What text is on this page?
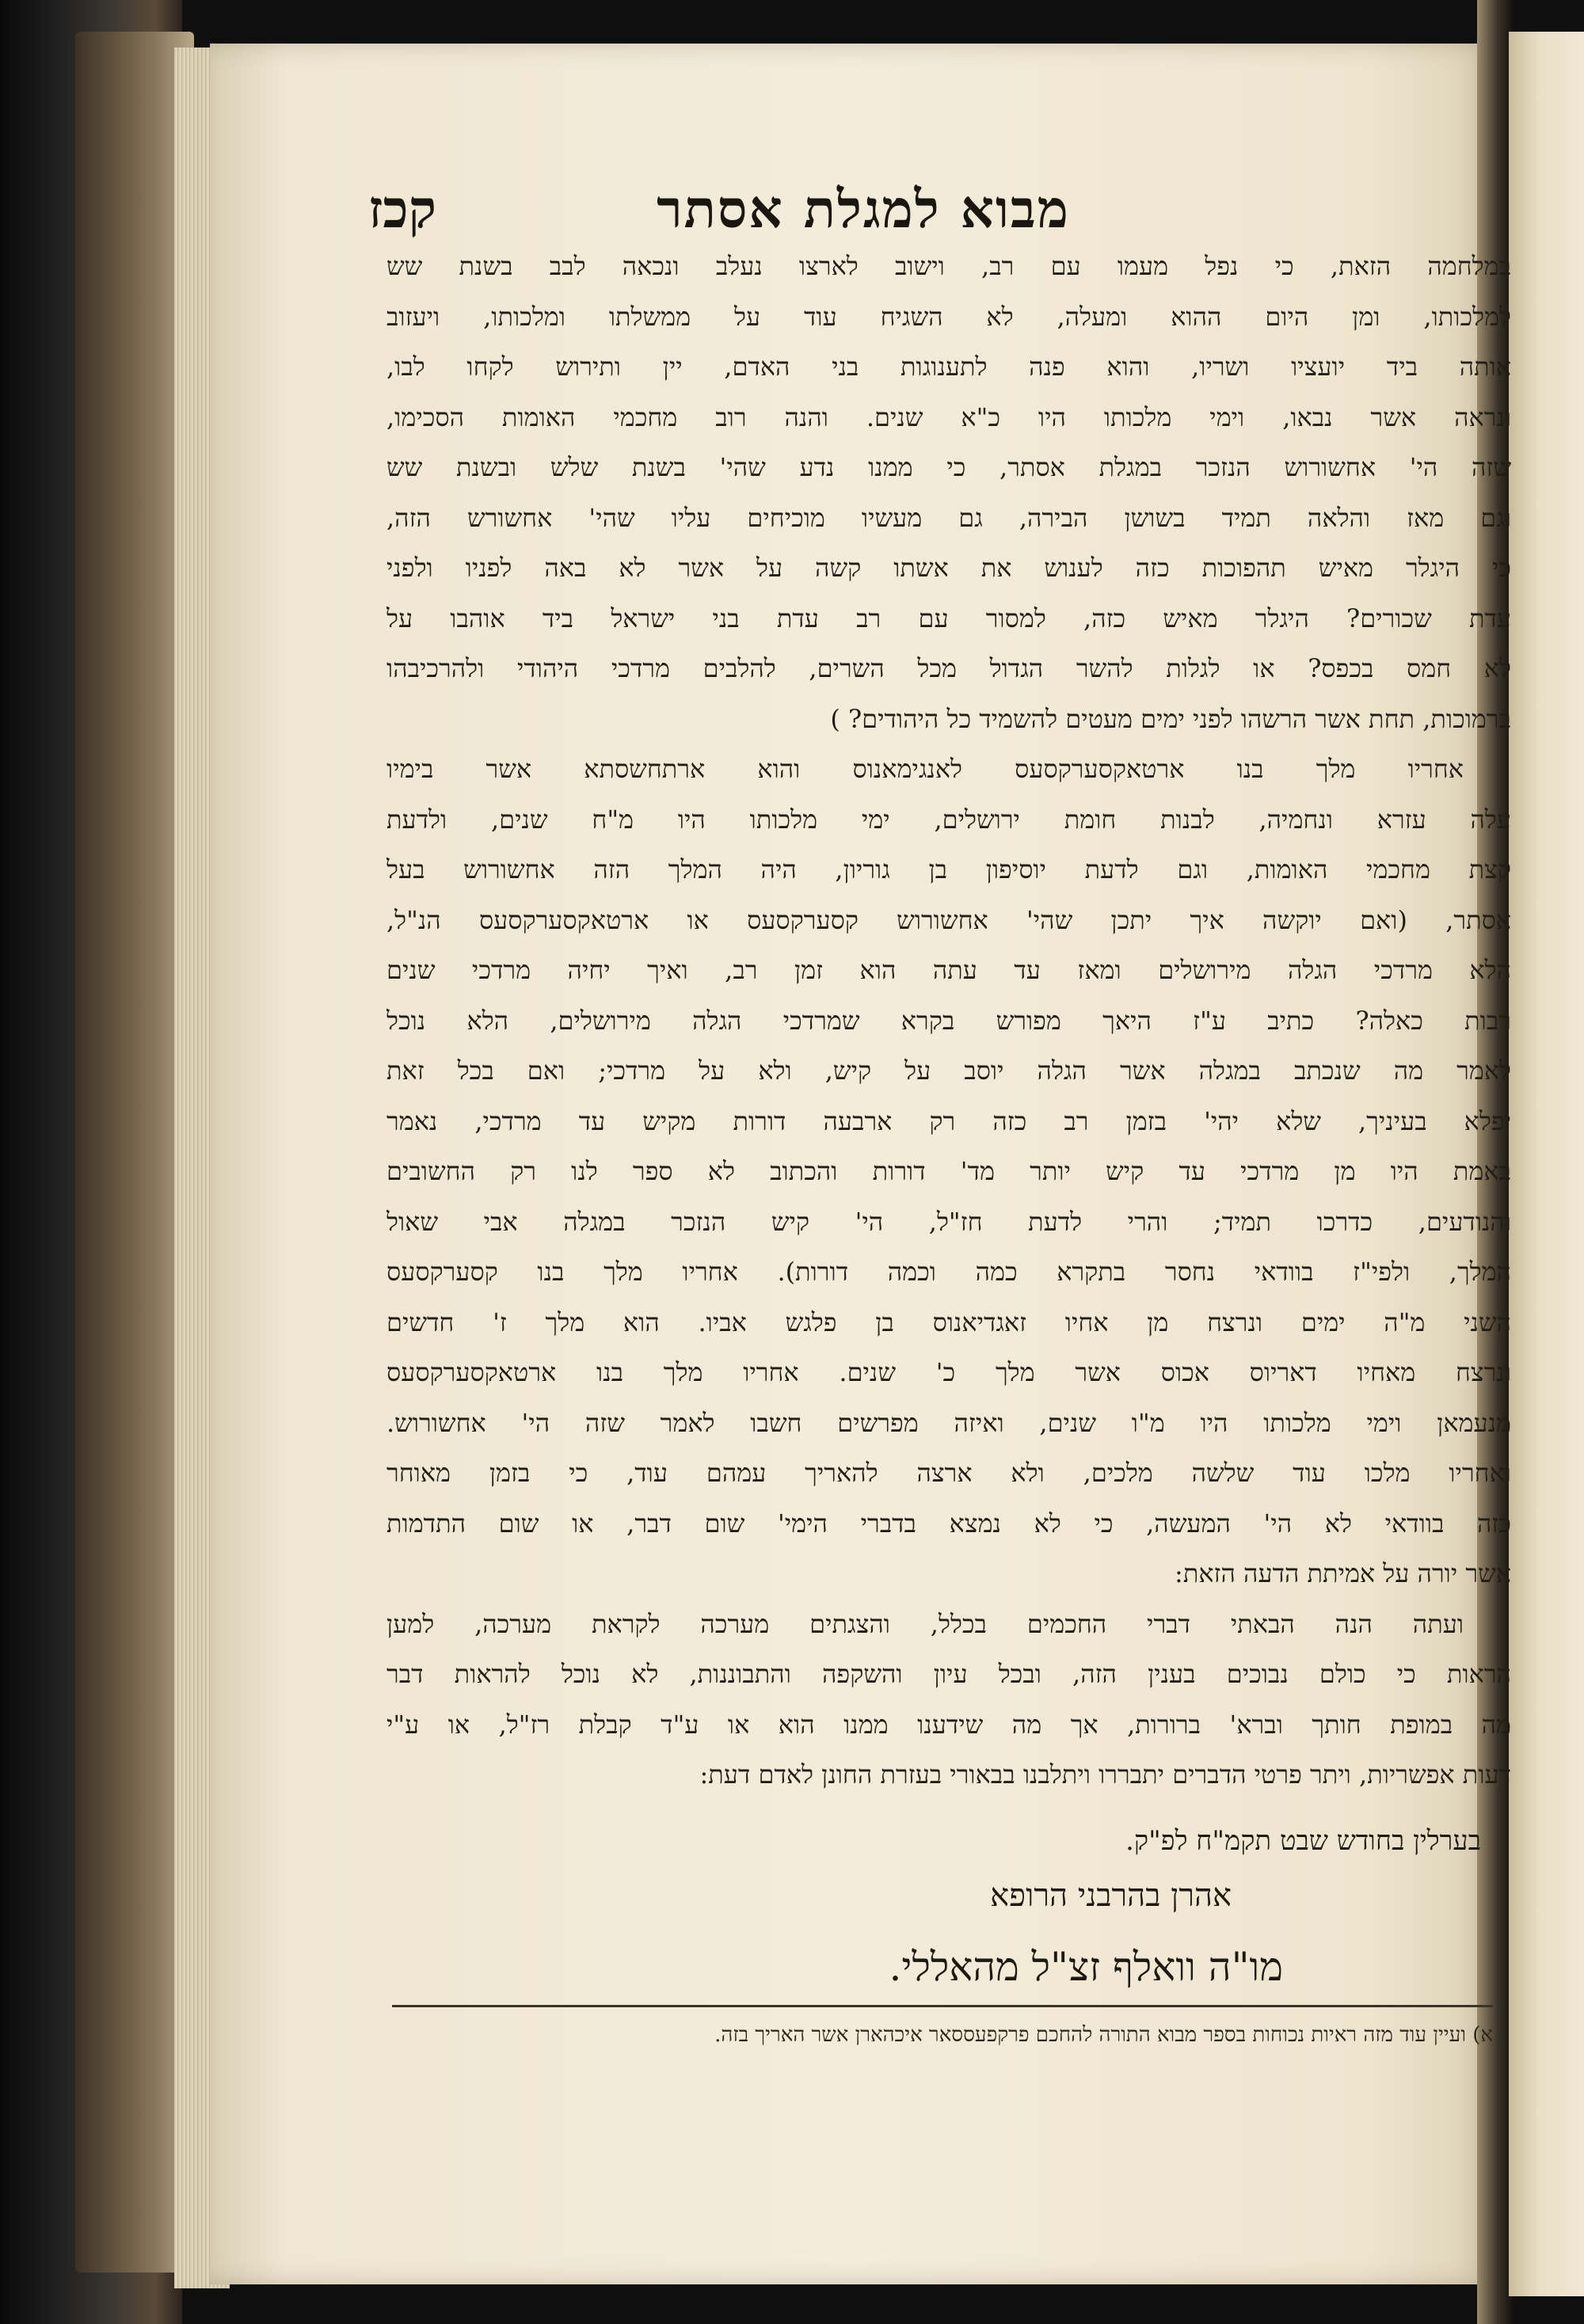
מבוא למגלת אסתר
קכז
במלחמה הזאת, כי נפל מעמו עם רב, וישוב לארצו נעלב ונכאה לבב בשנת שש
למלכותו, ומן היום ההוא ומעלה, לא השגיח עוד על ממשלתו ומלכותו, ויעזוב
אותה ביד יועציו ושריו, והוא פנה לתענוגות בני האדם, יין ותירוש לקחו לבו,
ונראה אשר נבאו, וימי מלכותו היו כ"א שנים. והנה רוב מחכמי האומות הסכימו,
שזה הי' אחשורוש הנזכר במגלת אסתר, כי ממנו נדע שהי' בשנת שלש ובשנת שש
וגם מאז והלאה תמיד בשושן הבירה, גם מעשיו מוכיחים עליו שהי' אחשורש הזה,
כי היגלר מאיש תהפוכות כזה לענוש את אשתו קשה על אשר לא באה לפניו ולפני
עדת שכורים? היגלר מאיש כזה, למסור עם רב עדת בני ישראל ביד אוהבו על
לא חמס בכפס? או לגלות להשר הגדול מכל השרים, להלבים מרדכי היהודי ולהרכיבהו
ברמוכות, תחת אשר הרשהו לפני ימים מעטים להשמיד כל היהודים? )
אחריו מלך בנו ארטאקסערקסעס לאנגימאנוס והוא ארתחשסתא אשר בימיו
עלה עזרא ונחמיה, לבנות חומת ירושלים, ימי מלכותו היו מ"ח שנים, ולדעת
קצת מחכמי האומות, וגם לדעת יוסיפון בן גוריון, היה המלך הזה אחשורוש בעל
אסתר, (ואם יוקשה איך יתכן שהי' אחשורוש קסערקסעס או ארטאקסערקסעס הנ"ל,
הלא מרדכי הגלה מירושלים ומאז עד עתה הוא זמן רב, ואיך יחיה מרדכי שנים
רבות כאלה? כתיב ע"ז היאך מפורש בקרא שמרדכי הגלה מירושלים, הלא נוכל
לאמר מה שנכתב במגלה אשר הגלה יוסב על קיש, ולא על מרדכי; ואם בכל זאת
יפלא בעיניך, שלא יהי' בזמן רב כזה רק ארבעה דורות מקיש עד מרדכי, נאמר
באמת היו מן מרדכי עד קיש יותר מד' דורות והכתוב לא ספר לנו רק החשובים
והנודעים, כדרכו תמיד; והרי לדעת חז"ל, הי' קיש הנזכר במגלה אבי שאול
המלך, ולפי"ז בוודאי נחסר בתקרא כמה וכמה דורות). אחריו מלך בנו קסערקסעס
השני מ"ה ימים ונרצח מן אחיו זאגדיאנוס בן פלגש אביו. הוא מלך ז' חדשים
ונרצח מאחיו דאריוס אכוס אשר מלך כ' שנים. אחריו מלך בנו ארטאקסערקסעס
מנעמאן וימי מלכותו היו מ"ו שנים, ואיזה מפרשים חשבו לאמר שזה הי' אחשורוש.
ואחריו מלכו עוד שלשה מלכים, ולא ארצה להאריך עמהם עוד, כי בזמן מאוחר
כזה בוודאי לא הי' המעשה, כי לא נמצא בדברי הימי' שום דבר, או שום התדמות
אשר יורה על אמיתת הדעה הזאת:
ועתה הנה הבאתי דברי החכמים בכלל, והצגתים מערכה לקראת מערכה, למען
הראות כי כולם נבוכים בענין הזה, ובכל עיון והשקפה והתבוננות, לא נוכל להראות דבר
מה במופת חותך וברא' ברורות, אך מה שידענו ממנו הוא או ע"ד קבלת רז"ל, או ע"י
דעות אפשריות, ויתר פרטי הדברים יתבררו ויתלבנו בבאורי בעזרת החונן לאדם דעת:
בערלין בחודש שבט תקמ"ח לפ"ק.
אהרן בהרבני הרופא
מו"ה וואלף זצ"ל מהאללי.
א) ועיין עוד מזה ראיות נכוחות בספר מבוא התורה להחכם פרקפעססאר איכהארן אשר האריך בזה.
